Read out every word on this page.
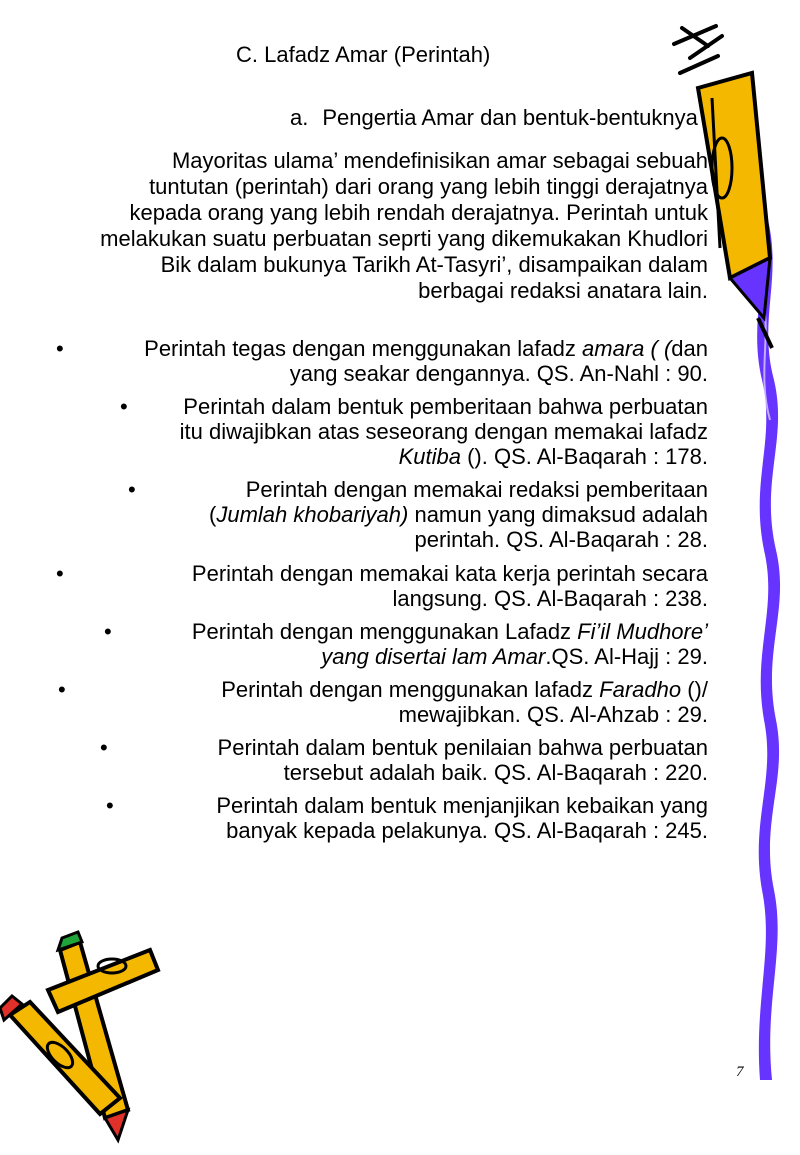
C. Lafadz Amar (Perintah)
a. Pengertia Amar dan bentuk-bentuknya
Mayoritas ulama’ mendefinisikan amar sebagai sebuah tuntutan (perintah) dari orang yang lebih tinggi derajatnya kepada orang yang lebih rendah derajatnya. Perintah untuk melakukan suatu perbuatan seprti yang dikemukakan Khudlori Bik dalam bukunya Tarikh At-Tasyri’, disampaikan dalam berbagai redaksi anatara lain.
•	Perintah tegas dengan menggunakan lafadz amara ( (dan yang seakar dengannya. QS. An-Nahl : 90.
•	Perintah dalam bentuk pemberitaan bahwa perbuatan itu diwajibkan atas seseorang dengan memakai lafadz Kutiba (). QS. Al-Baqarah : 178.
•	Perintah dengan memakai redaksi pemberitaan (Jumlah khobariyah) namun yang dimaksud adalah perintah. QS. Al-Baqarah : 28.
•	Perintah dengan memakai kata kerja perintah secara langsung. QS. Al-Baqarah : 238.
•	Perintah dengan menggunakan Lafadz Fi’il Mudhore’ yang disertai lam Amar.QS. Al-Hajj : 29.
•	Perintah dengan menggunakan lafadz Faradho ()/ mewajibkan. QS. Al-Ahzab : 29.
•	Perintah dalam bentuk penilaian bahwa perbuatan tersebut adalah baik. QS. Al-Baqarah : 220.
•	Perintah dalam bentuk menjanjikan kebaikan yang banyak kepada pelakunya. QS. Al-Baqarah : 245.
7
